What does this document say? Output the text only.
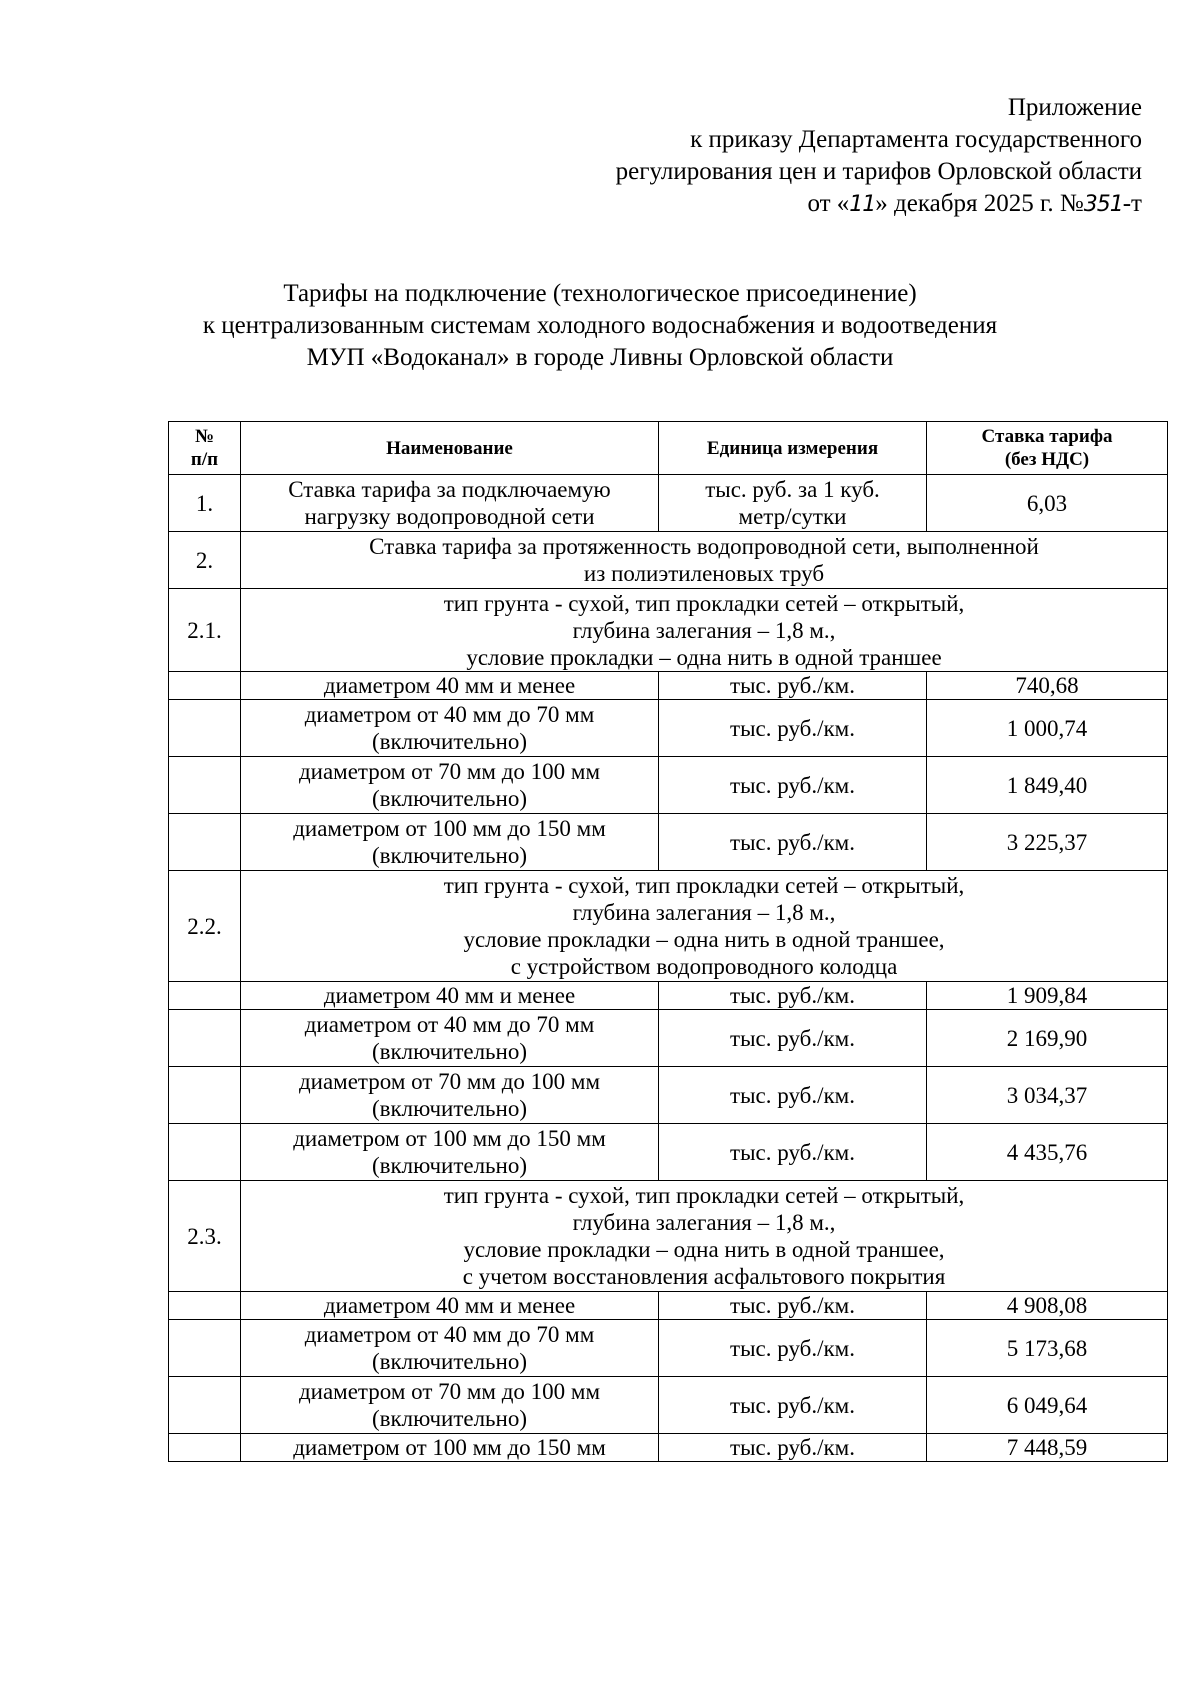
Приложение
к приказу Департамента государственного
регулирования цен и тарифов Орловской области
от «11» декабря 2025 г. №351-т
Тарифы на подключение (технологическое присоединение)
к централизованным системам холодного водоснабжения и водоотведения
МУП «Водоканал» в городе Ливны Орловской области
№
п/п	Наименование	Единица измерения	Ставка тарифа
(без НДС)

1.	Ставка тарифа за подключаемую
нагрузку водопроводной сети	тыс. руб. за 1 куб.
метр/сутки	6,03
2.	Ставка тарифа за протяженность водопроводной сети, выполненной
из полиэтиленовых труб		

2.1.	тип грунта - сухой, тип прокладки сетей – открытый,
глубина залегания – 1,8 м.,
условие прокладки – одна нить в одной траншее		

	диаметром 40 мм и менее	тыс. руб./км.	740,68

	диаметром от 40 мм до 70 мм
(включительно)	тыс. руб./км.	1 000,74

	диаметром от 70 мм до 100 мм
(включительно)	тыс. руб./км.	1 849,40

	диаметром от 100 мм до 150 мм
(включительно)	тыс. руб./км.	3 225,37
2.2.	тип грунта - сухой, тип прокладки сетей – открытый,
глубина залегания – 1,8 м.,
условие прокладки – одна нить в одной траншее,
с устройством водопроводного колодца		

	диаметром 40 мм и менее	тыс. руб./км.	1 909,84

	диаметром от 40 мм до 70 мм
(включительно)	тыс. руб./км.	2 169,90

	диаметром от 70 мм до 100 мм
(включительно)	тыс. руб./км.	3 034,37

	диаметром от 100 мм до 150 мм
(включительно)	тыс. руб./км.	4 435,76
2.3.	тип грунта - сухой, тип прокладки сетей – открытый,
глубина залегания – 1,8 м.,
условие прокладки – одна нить в одной траншее,
с учетом восстановления асфальтового покрытия		

	диаметром 40 мм и менее	тыс. руб./км.	4 908,08

	диаметром от 40 мм до 70 мм
(включительно)	тыс. руб./км.	5 173,68

	диаметром от 70 мм до 100 мм
(включительно)	тыс. руб./км.	6 049,64

	диаметром от 100 мм до 150 мм	тыс. руб./км.	7 448,59
